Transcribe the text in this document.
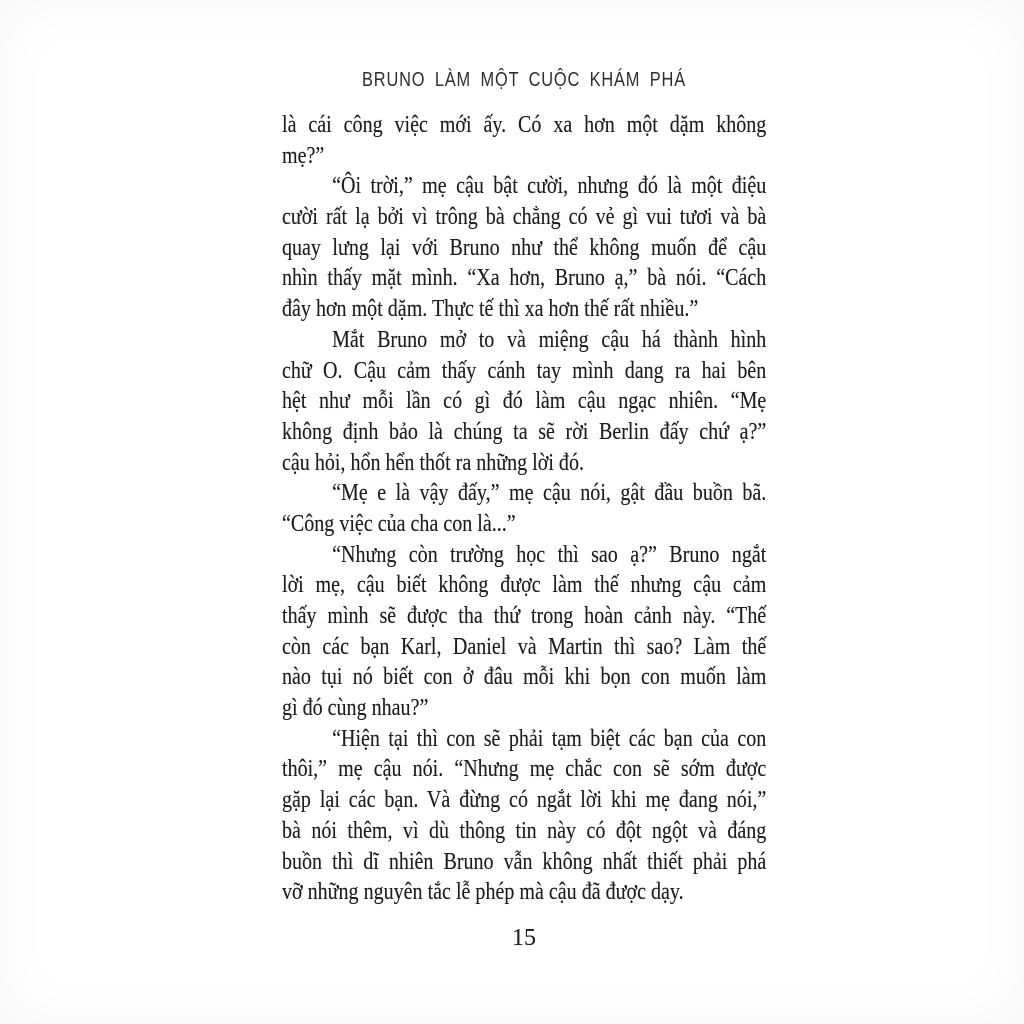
BRUNO LÀM MỘT CUỘC KHÁM PHÁ
là cái công việc mới ấy. Có xa hơn một dặm không
mẹ?”
“Ôi trời,” mẹ cậu bật cười, nhưng đó là một điệu
cười rất lạ bởi vì trông bà chẳng có vẻ gì vui tươi và bà
quay lưng lại với Bruno như thể không muốn để cậu
nhìn thấy mặt mình. “Xa hơn, Bruno ạ,” bà nói. “Cách
đây hơn một dặm. Thực tế thì xa hơn thế rất nhiều.”
Mắt Bruno mở to và miệng cậu há thành hình
chữ O. Cậu cảm thấy cánh tay mình dang ra hai bên
hệt như mỗi lần có gì đó làm cậu ngạc nhiên. “Mẹ
không định bảo là chúng ta sẽ rời Berlin đấy chứ ạ?”
cậu hỏi, hổn hển thốt ra những lời đó.
“Mẹ e là vậy đấy,” mẹ cậu nói, gật đầu buồn bã.
“Công việc của cha con là...”
“Nhưng còn trường học thì sao ạ?” Bruno ngắt
lời mẹ, cậu biết không được làm thế nhưng cậu cảm
thấy mình sẽ được tha thứ trong hoàn cảnh này. “Thế
còn các bạn Karl, Daniel và Martin thì sao? Làm thế
nào tụi nó biết con ở đâu mỗi khi bọn con muốn làm
gì đó cùng nhau?”
“Hiện tại thì con sẽ phải tạm biệt các bạn của con
thôi,” mẹ cậu nói. “Nhưng mẹ chắc con sẽ sớm được
gặp lại các bạn. Và đừng có ngắt lời khi mẹ đang nói,”
bà nói thêm, vì dù thông tin này có đột ngột và đáng
buồn thì dĩ nhiên Bruno vẫn không nhất thiết phải phá
vỡ những nguyên tắc lễ phép mà cậu đã được dạy.
15
